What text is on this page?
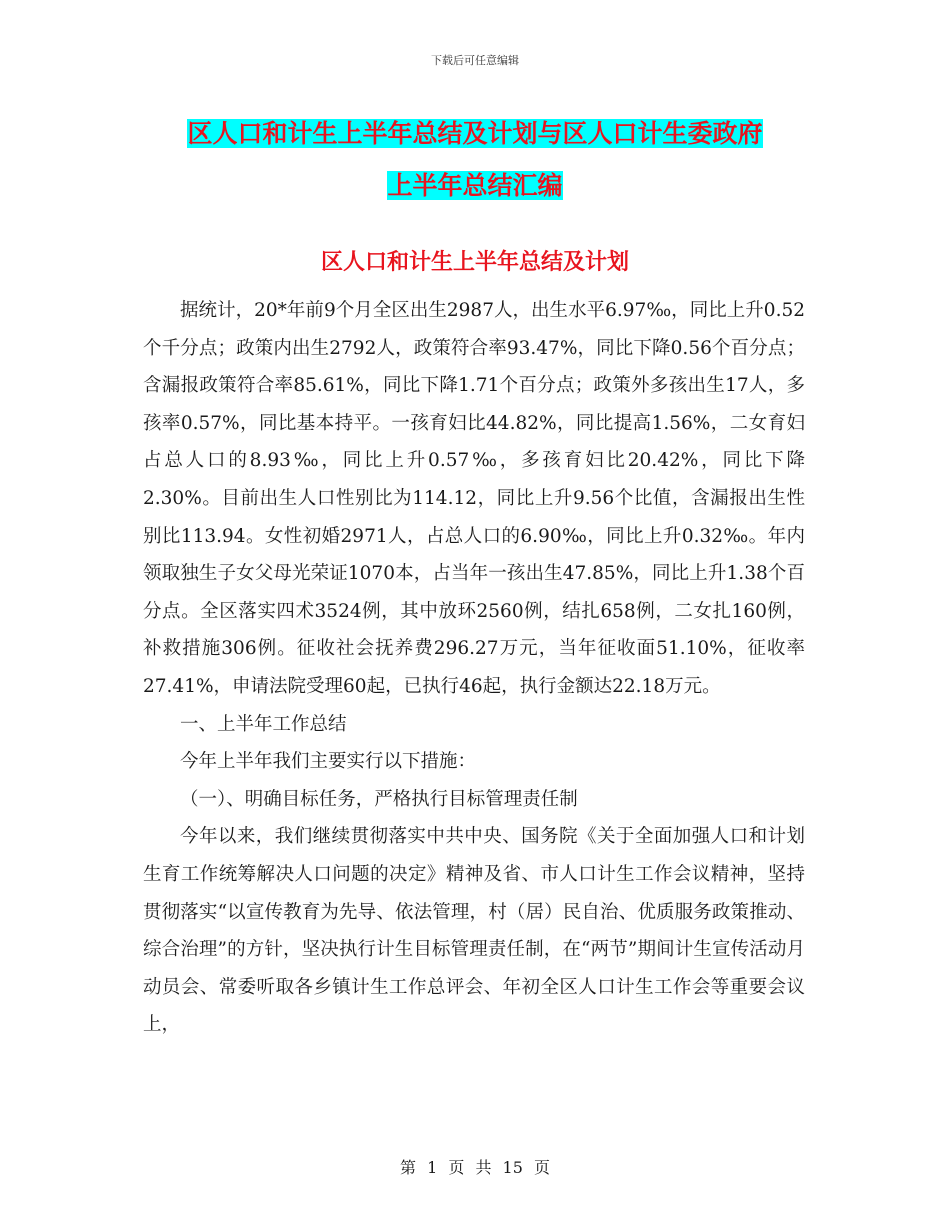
下载后可任意编辑
区人口和计生上半年总结及计划与区人口计生委政府
上半年总结汇编
区人口和计生上半年总结及计划

据统计，20*年前9个月全区出生2987人，出生水平6.97‰，同比上升0.52个千分点；政策内出生2792人，政策符合率93.47%，同比下降0.56个百分点；含漏报政策符合率85.61%，同比下降1.71个百分点；政策外多孩出生17人，多孩率0.57%，同比基本持平。一孩育妇比44.82%，同比提高1.56%，二女育妇占总人口的8.93‰，同比上升0.57‰，多孩育妇比20.42%，同比下降2.30%。目前出生人口性别比为114.12，同比上升9.56个比值，含漏报出生性别比113.94。女性初婚2971人，占总人口的6.90‰，同比上升0.32‰。年内领取独生子女父母光荣证1070本，占当年一孩出生47.85%，同比上升1.38个百分点。全区落实四术3524例，其中放环2560例，结扎658例，二女扎160例，补救措施306例。征收社会抚养费296.27万元，当年征收面51.10%，征收率27.41%，申请法院受理60起，已执行46起，执行金额达22.18万元。

一、上半年工作总结

今年上半年我们主要实行以下措施：

（一）、明确目标任务，严格执行目标管理责任制

今年以来，我们继续贯彻落实中共中央、国务院《关于全面加强人口和计划生育工作统筹解决人口问题的决定》精神及省、市人口计生工作会议精神，坚持贯彻落实“以宣传教育为先导、依法管理，村（居）民自治、优质服务政策推动、综合治理”的方针，坚决执行计生目标管理责任制，在“两节”期间计生宣传活动月动员会、常委听取各乡镇计生工作总评会、年初全区人口计生工作会等重要会议上，

第 1 页 共 15 页
